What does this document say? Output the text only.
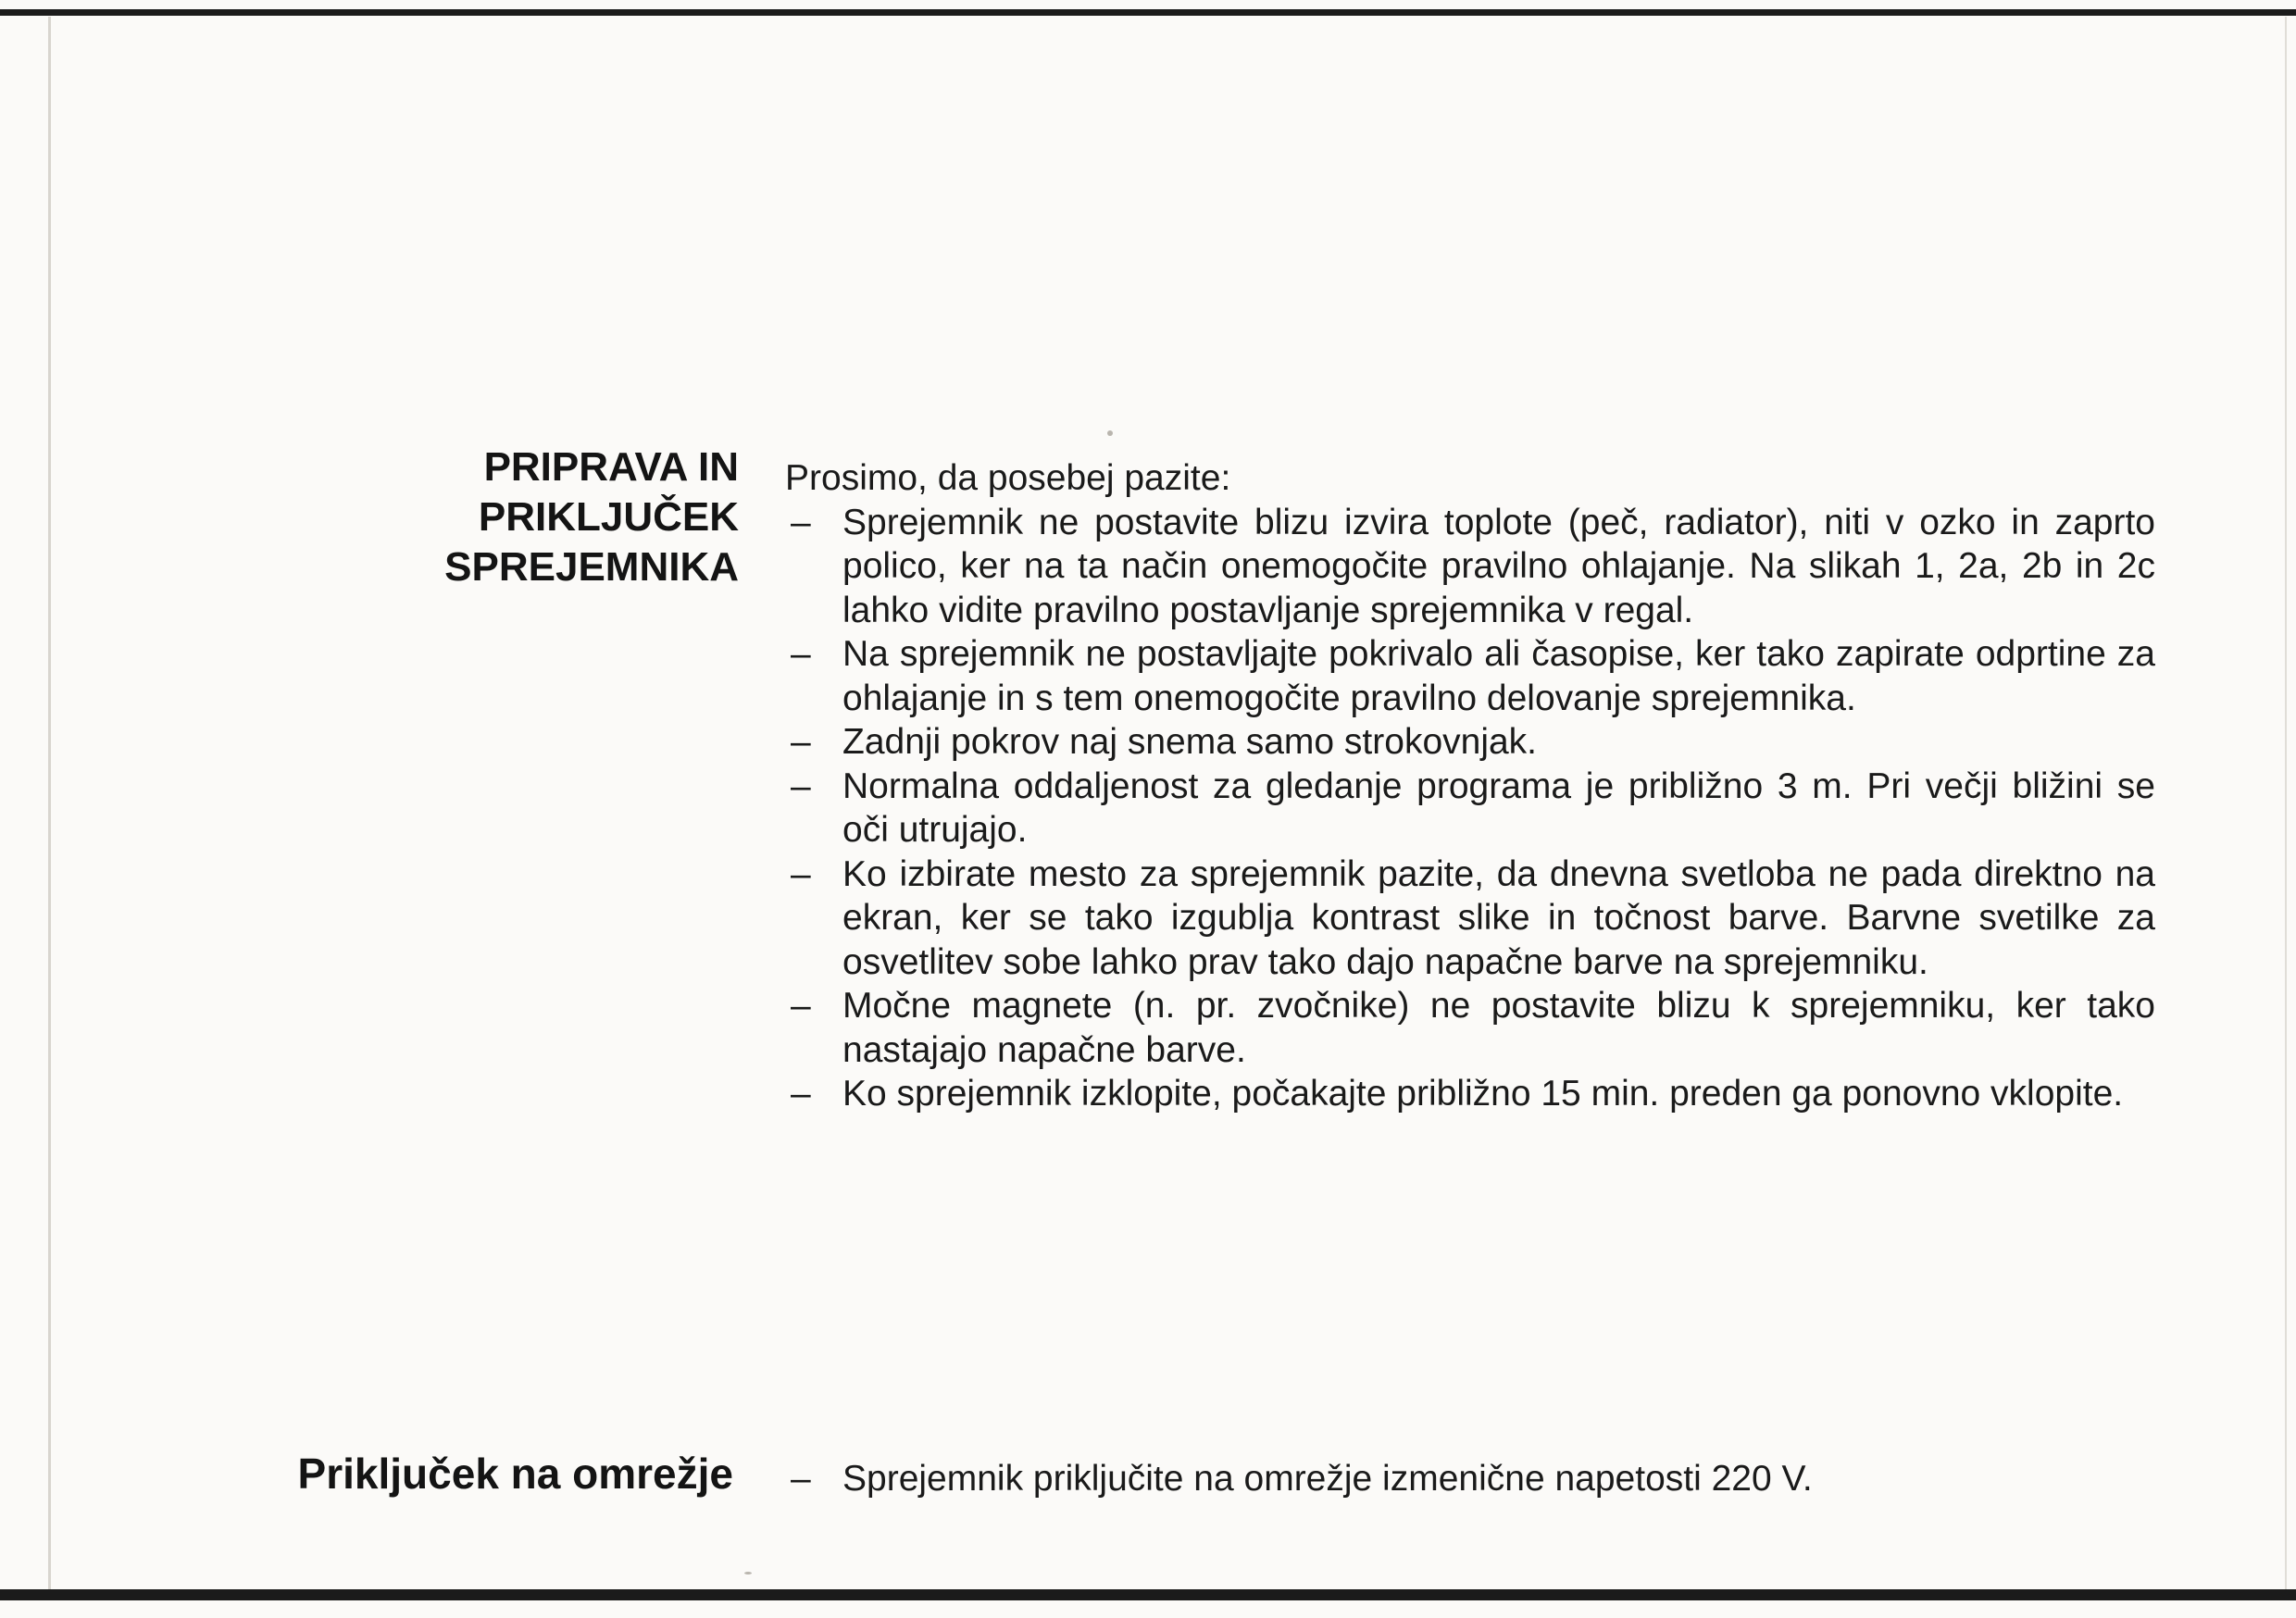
PRIPRAVA IN
PRIKLJUČEK
SPREJEMNIKA

Prosimo, da posebej pazite:

– Sprejemnik ne postavite blizu izvira toplote (peč, radiator), niti v ozko in zaprto polico, ker na ta način onemogočite pravilno ohlajanje. Na slikah 1, 2a, 2b in 2c lahko vidite pravilno postavljanje sprejemnika v regal.
– Na sprejemnik ne postavljajte pokrivalo ali časopise, ker tako zapirate odprtine za ohlajanje in s tem onemogočite pravilno delovanje sprejemnika.
– Zadnji pokrov naj snema samo strokovnjak.
– Normalna oddaljenost za gledanje programa je približno 3 m. Pri večji bližini se oči utrujajo.
– Ko izbirate mesto za sprejemnik pazite, da dnevna svetloba ne pada direktno na ekran, ker se tako izgublja kontrast slike in točnost barve. Barvne svetilke za osvetlitev sobe lahko prav tako dajo napačne barve na sprejemniku.
– Močne magnete (n. pr. zvočnike) ne postavite blizu k sprejemniku, ker tako nastajajo napačne barve.
– Ko sprejemnik izklopite, počakajte približno 15 min. preden ga ponovno vklopite.
Priključek na omrežje – Sprejemnik priključite na omrežje izmenične napetosti 220 V.
